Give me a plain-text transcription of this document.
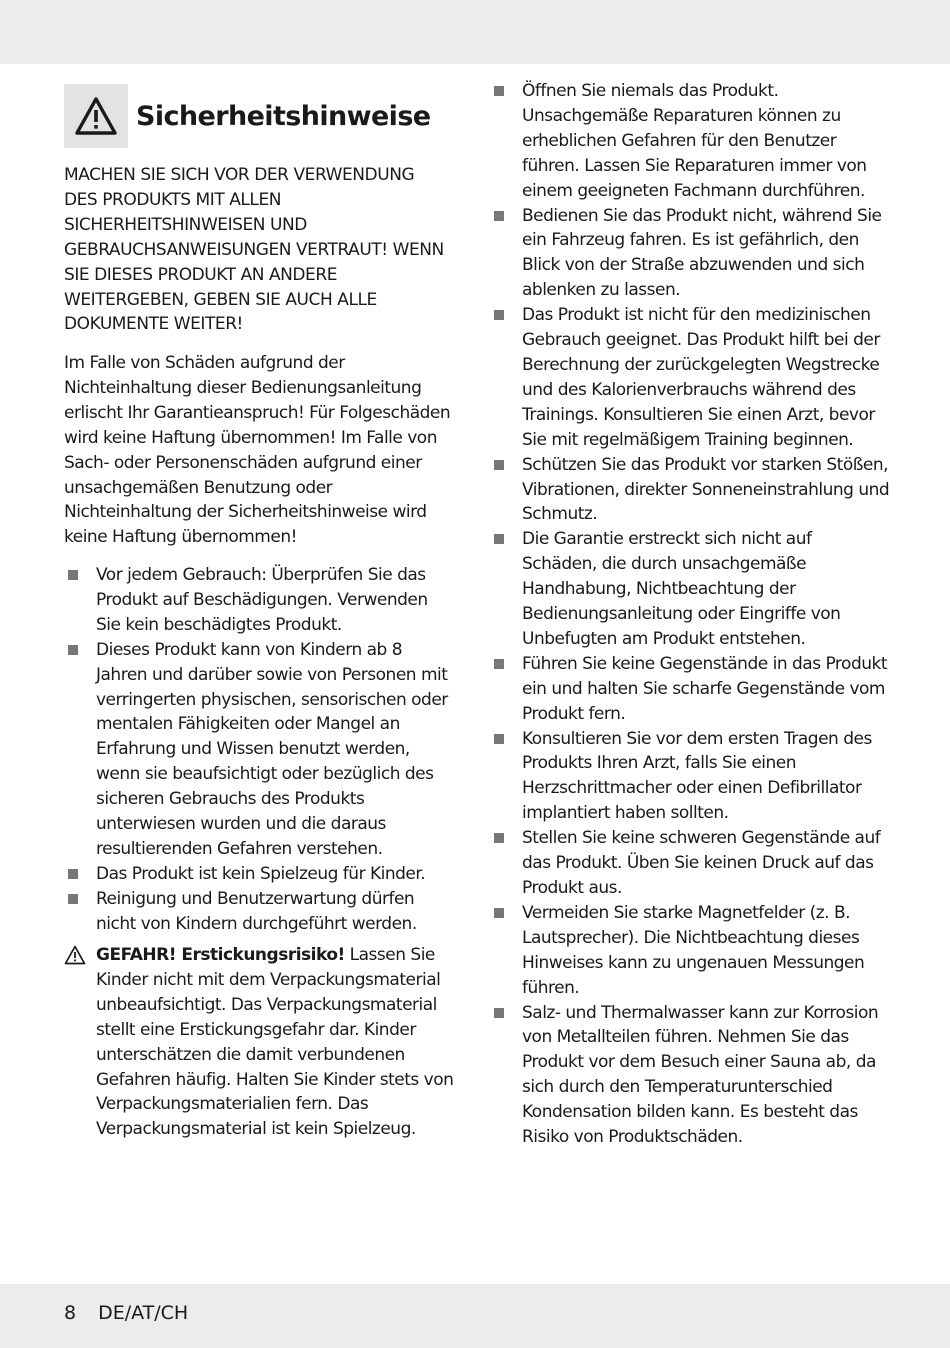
Sicherheitshinweise

MACHEN SIE SICH VOR DER VERWENDUNG DES PRODUKTS MIT ALLEN SICHERHEITSHINWEISEN UND GEBRAUCHSANWEISUNGEN VERTRAUT! WENN SIE DIESES PRODUKT AN ANDERE WEITERGEBEN, GEBEN SIE AUCH ALLE DOKUMENTE WEITER!

Im Falle von Schäden aufgrund der Nichteinhaltung dieser Bedienungsanleitung erlischt Ihr Garantieanspruch! Für Folgeschäden wird keine Haftung übernommen! Im Falle von Sach- oder Personenschäden aufgrund einer unsachgemäßen Benutzung oder Nichteinhaltung der Sicherheitshinweise wird keine Haftung übernommen!

Vor jedem Gebrauch: Überprüfen Sie das Produkt auf Beschädigungen. Verwenden Sie kein beschädigtes Produkt.
Dieses Produkt kann von Kindern ab 8 Jahren und darüber sowie von Personen mit verringerten physischen, sensorischen oder mentalen Fähigkeiten oder Mangel an Erfahrung und Wissen benutzt werden, wenn sie beaufsichtigt oder bezüglich des sicheren Gebrauchs des Produkts unterwiesen wurden und die daraus resultierenden Gefahren verstehen.
Das Produkt ist kein Spielzeug für Kinder.
Reinigung und Benutzerwartung dürfen nicht von Kindern durchgeführt werden.
GEFAHR! Erstickungsrisiko! Lassen Sie Kinder nicht mit dem Verpackungsmaterial unbeaufsichtigt. Das Verpackungsmaterial stellt eine Erstickungsgefahr dar. Kinder unterschätzen die damit verbundenen Gefahren häufig. Halten Sie Kinder stets von Verpackungsmaterialien fern. Das Verpackungsmaterial ist kein Spielzeug.
Öffnen Sie niemals das Produkt. Unsachgemäße Reparaturen können zu erheblichen Gefahren für den Benutzer führen. Lassen Sie Reparaturen immer von einem geeigneten Fachmann durchführen.
Bedienen Sie das Produkt nicht, während Sie ein Fahrzeug fahren. Es ist gefährlich, den Blick von der Straße abzuwenden und sich ablenken zu lassen.
Das Produkt ist nicht für den medizinischen Gebrauch geeignet. Das Produkt hilft bei der Berechnung der zurückgelegten Wegstrecke und des Kalorienverbrauchs während des Trainings. Konsultieren Sie einen Arzt, bevor Sie mit regelmäßigem Training beginnen.
Schützen Sie das Produkt vor starken Stößen, Vibrationen, direkter Sonneneinstrahlung und Schmutz.
Die Garantie erstreckt sich nicht auf Schäden, die durch unsachgemäße Handhabung, Nichtbeachtung der Bedienungsanleitung oder Eingriffe von Unbefugten am Produkt entstehen.
Führen Sie keine Gegenstände in das Produkt ein und halten Sie scharfe Gegenstände vom Produkt fern.
Konsultieren Sie vor dem ersten Tragen des Produkts Ihren Arzt, falls Sie einen Herzschrittmacher oder einen Defibrillator implantiert haben sollten.
Stellen Sie keine schweren Gegenstände auf das Produkt. Üben Sie keinen Druck auf das Produkt aus.
Vermeiden Sie starke Magnetfelder (z. B. Lautsprecher). Die Nichtbeachtung dieses Hinweises kann zu ungenauen Messungen führen.
Salz- und Thermalwasser kann zur Korrosion von Metallteilen führen. Nehmen Sie das Produkt vor dem Besuch einer Sauna ab, da sich durch den Temperaturunterschied Kondensation bilden kann. Es besteht das Risiko von Produktschäden.
8 DE/AT/CH
